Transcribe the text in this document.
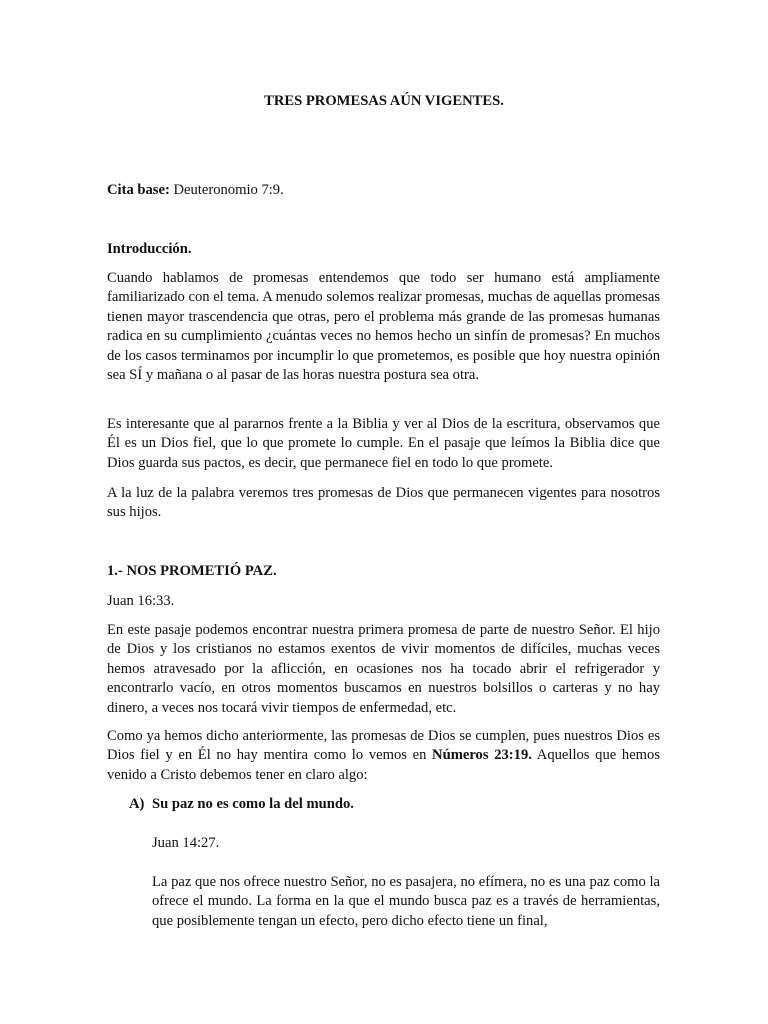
TRES PROMESAS AÚN VIGENTES.

Cita base: Deuteronomio 7:9.

Introducción.

Cuando hablamos de promesas entendemos que todo ser humano está ampliamente familiarizado con el tema. A menudo solemos realizar promesas, muchas de aquellas promesas tienen mayor trascendencia que otras, pero el problema más grande de las promesas humanas radica en su cumplimiento ¿cuántas veces no hemos hecho un sinfín de promesas? En muchos de los casos terminamos por incumplir lo que prometemos, es posible que hoy nuestra opinión sea SÍ y mañana o al pasar de las horas nuestra postura sea otra.

Es interesante que al pararnos frente a la Biblia y ver al Dios de la escritura, observamos que Él es un Dios fiel, que lo que promete lo cumple. En el pasaje que leímos la Biblia dice que Dios guarda sus pactos, es decir, que permanece fiel en todo lo que promete.

A la luz de la palabra veremos tres promesas de Dios que permanecen vigentes para nosotros sus hijos.

1.- NOS PROMETIÓ PAZ.

Juan 16:33.

En este pasaje podemos encontrar nuestra primera promesa de parte de nuestro Señor. El hijo de Dios y los cristianos no estamos exentos de vivir momentos de difíciles, muchas veces hemos atravesado por la aflicción, en ocasiones nos ha tocado abrir el refrigerador y encontrarlo vacío, en otros momentos buscamos en nuestros bolsillos o carteras y no hay dinero, a veces nos tocará vivir tiempos de enfermedad, etc.

Como ya hemos dicho anteriormente, las promesas de Dios se cumplen, pues nuestros Dios es Dios fiel y en Él no hay mentira como lo vemos en Números 23:19. Aquellos que hemos venido a Cristo debemos tener en claro algo:

A) Su paz no es como la del mundo.

Juan 14:27.

La paz que nos ofrece nuestro Señor, no es pasajera, no efímera, no es una paz como la ofrece el mundo. La forma en la que el mundo busca paz es a través de herramientas, que posiblemente tengan un efecto, pero dicho efecto tiene un final,
